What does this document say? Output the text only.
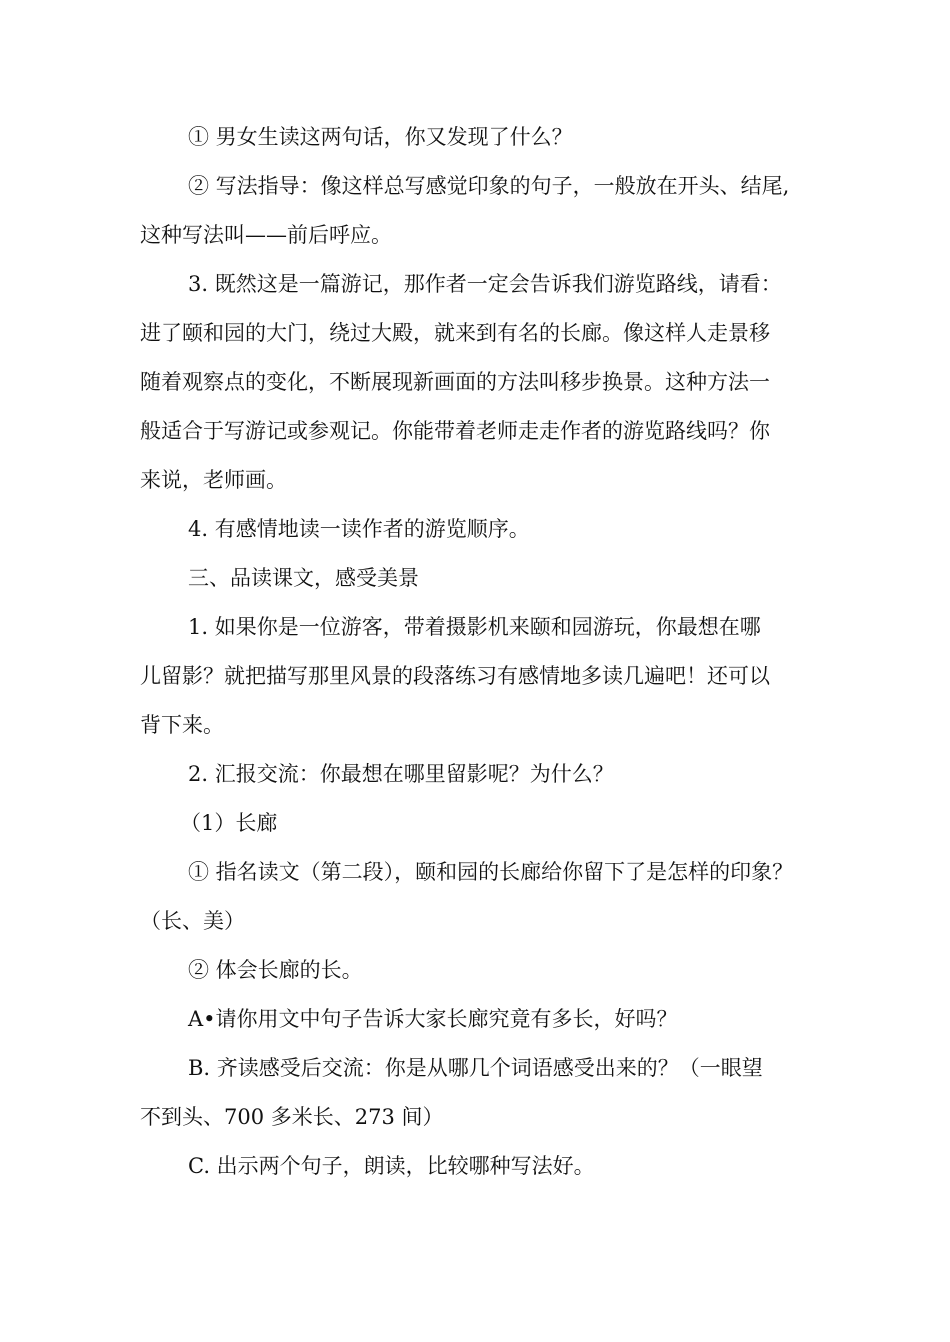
① 男女生读这两句话，你又发现了什么？

② 写法指导：像这样总写感觉印象的句子，一般放在开头、结尾,

这种写法叫——前后呼应。

3. 既然这是一篇游记，那作者一定会告诉我们游览路线，请看：

进了颐和园的大门，绕过大殿，就来到有名的长廊。像这样人走景移

随着观察点的变化，不断展现新画面的方法叫移步换景。这种方法一

般适合于写游记或参观记。你能带着老师走走作者的游览路线吗？你

来说，老师画。

4. 有感情地读一读作者的游览顺序。

三、品读课文，感受美景

1. 如果你是一位游客，带着摄影机来颐和园游玩，你最想在哪

儿留影？就把描写那里风景的段落练习有感情地多读几遍吧！还可以

背下来。

2. 汇报交流：你最想在哪里留影呢？为什么？

（1）长廊

① 指名读文（第二段），颐和园的长廊给你留下了是怎样的印象？

（长、美）

② 体会长廊的长。

A•请你用文中句子告诉大家长廊究竟有多长，好吗？

B. 齐读感受后交流：你是从哪几个词语感受出来的？（一眼望

不到头、700 多米长、273 间）

C. 出示两个句子，朗读，比较哪种写法好。
